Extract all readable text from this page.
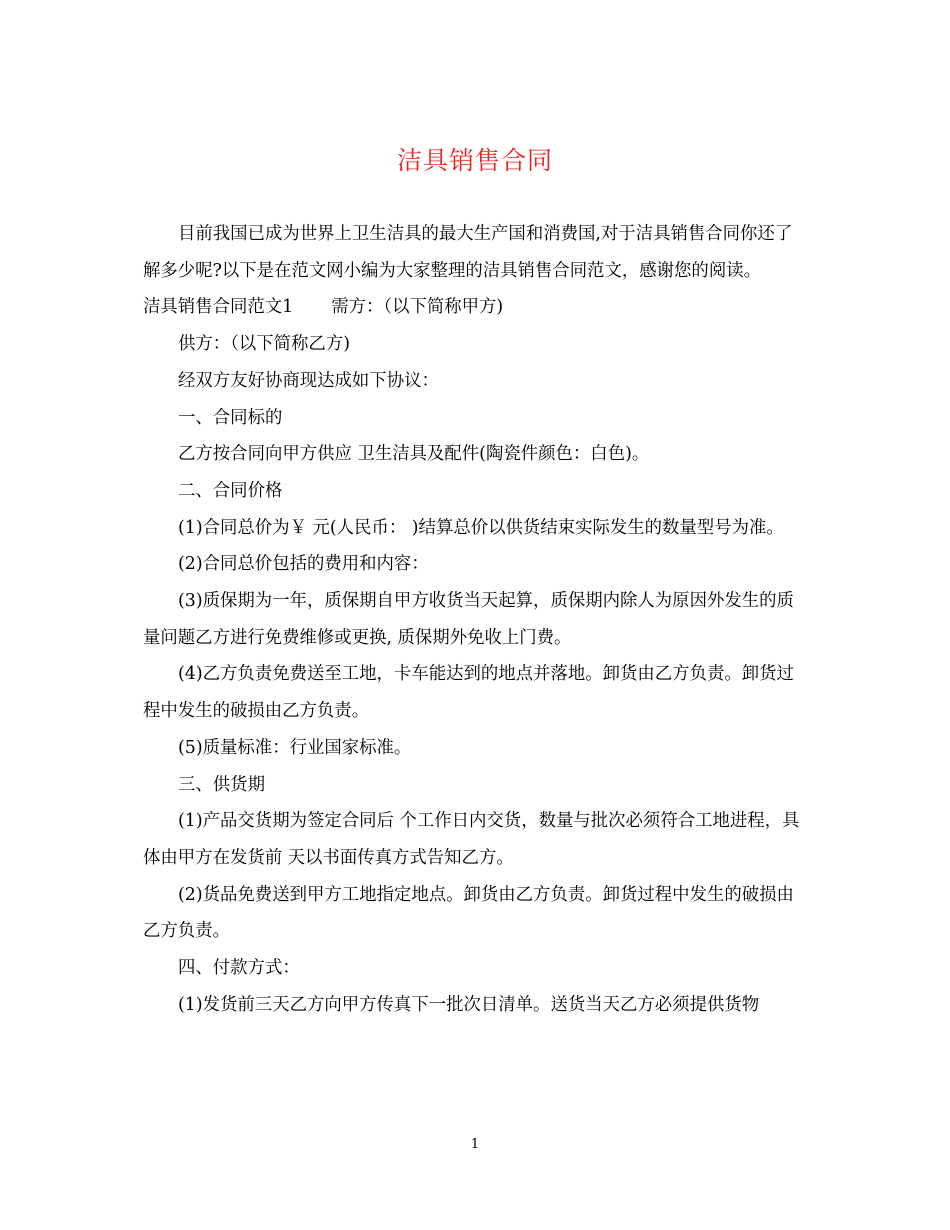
洁具销售合同

目前我国已成为世界上卫生洁具的最大生产国和消费国,对于洁具销售合同你还了解多少呢?以下是在范文网小编为大家整理的洁具销售合同范文，感谢您的阅读。

洁具销售合同范文1 需方：（以下简称甲方)

供方：（以下简称乙方)

经双方友好协商现达成如下协议：

一、合同标的

乙方按合同向甲方供应 卫生洁具及配件(陶瓷件颜色：白色)。

二、合同价格

(1)合同总价为￥ 元(人民币： )结算总价以供货结束实际发生的数量型号为准。

(2)合同总价包括的费用和内容：

(3)质保期为一年，质保期自甲方收货当天起算，质保期内除人为原因外发生的质量问题乙方进行免费维修或更换, 质保期外免收上门费。

(4)乙方负责免费送至工地，卡车能达到的地点并落地。卸货由乙方负责。卸货过程中发生的破损由乙方负责。

(5)质量标准：行业国家标准。

三、供货期

(1)产品交货期为签定合同后 个工作日内交货，数量与批次必须符合工地进程，具体由甲方在发货前 天以书面传真方式告知乙方。

(2)货品免费送到甲方工地指定地点。卸货由乙方负责。卸货过程中发生的破损由乙方负责。

四、付款方式：

(1)发货前三天乙方向甲方传真下一批次日清单。送货当天乙方必须提供货物

1
